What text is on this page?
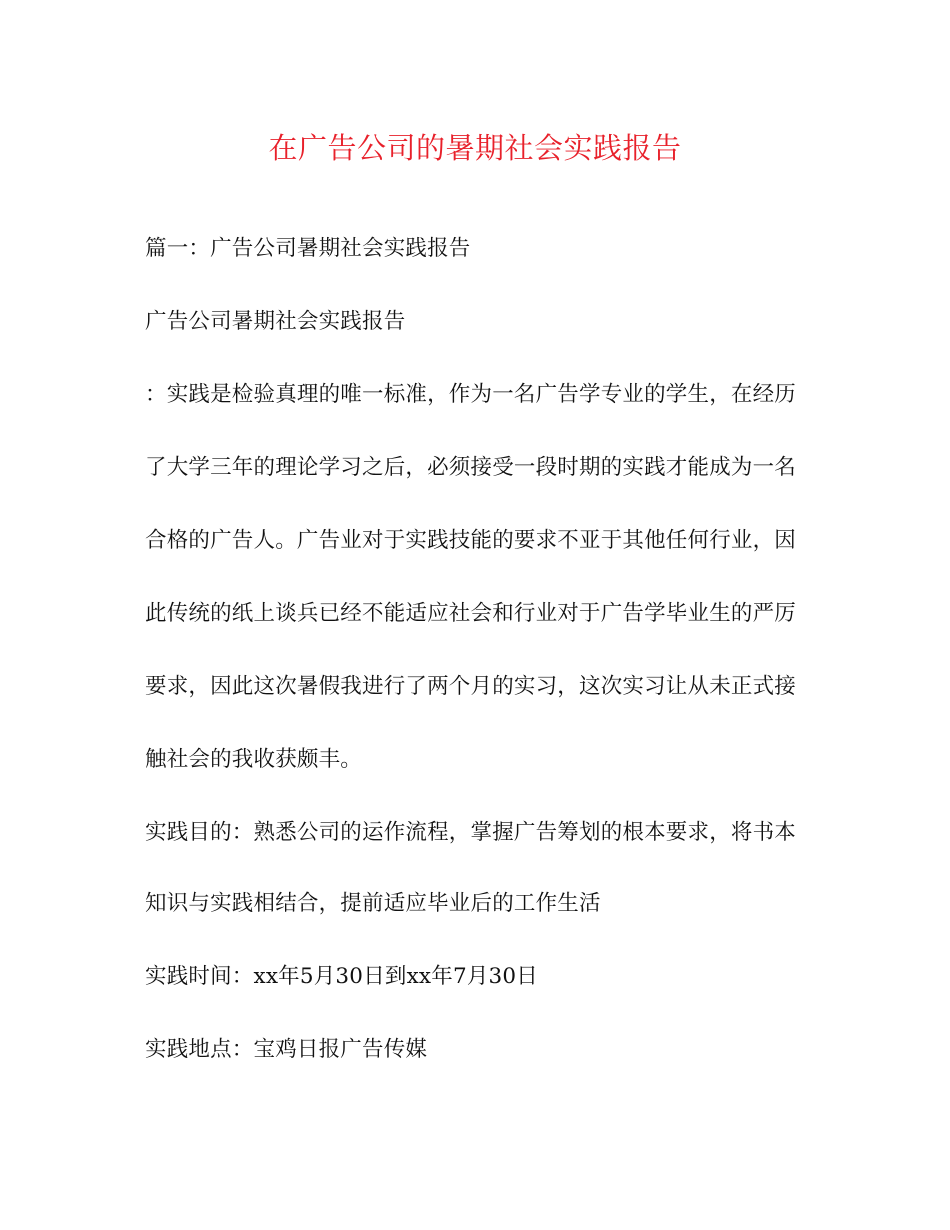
在广告公司的暑期社会实践报告
篇一：广告公司暑期社会实践报告
广告公司暑期社会实践报告
：实践是检验真理的唯一标准，作为一名广告学专业的学生，在经历
了大学三年的理论学习之后，必须接受一段时期的实践才能成为一名
合格的广告人。广告业对于实践技能的要求不亚于其他任何行业，因
此传统的纸上谈兵已经不能适应社会和行业对于广告学毕业生的严厉
要求，因此这次暑假我进行了两个月的实习，这次实习让从未正式接
触社会的我收获颇丰。
实践目的：熟悉公司的运作流程，掌握广告筹划的根本要求，将书本
知识与实践相结合，提前适应毕业后的工作生活
实践时间：xx年5月30日到xx年7月30日
实践地点：宝鸡日报广告传媒
